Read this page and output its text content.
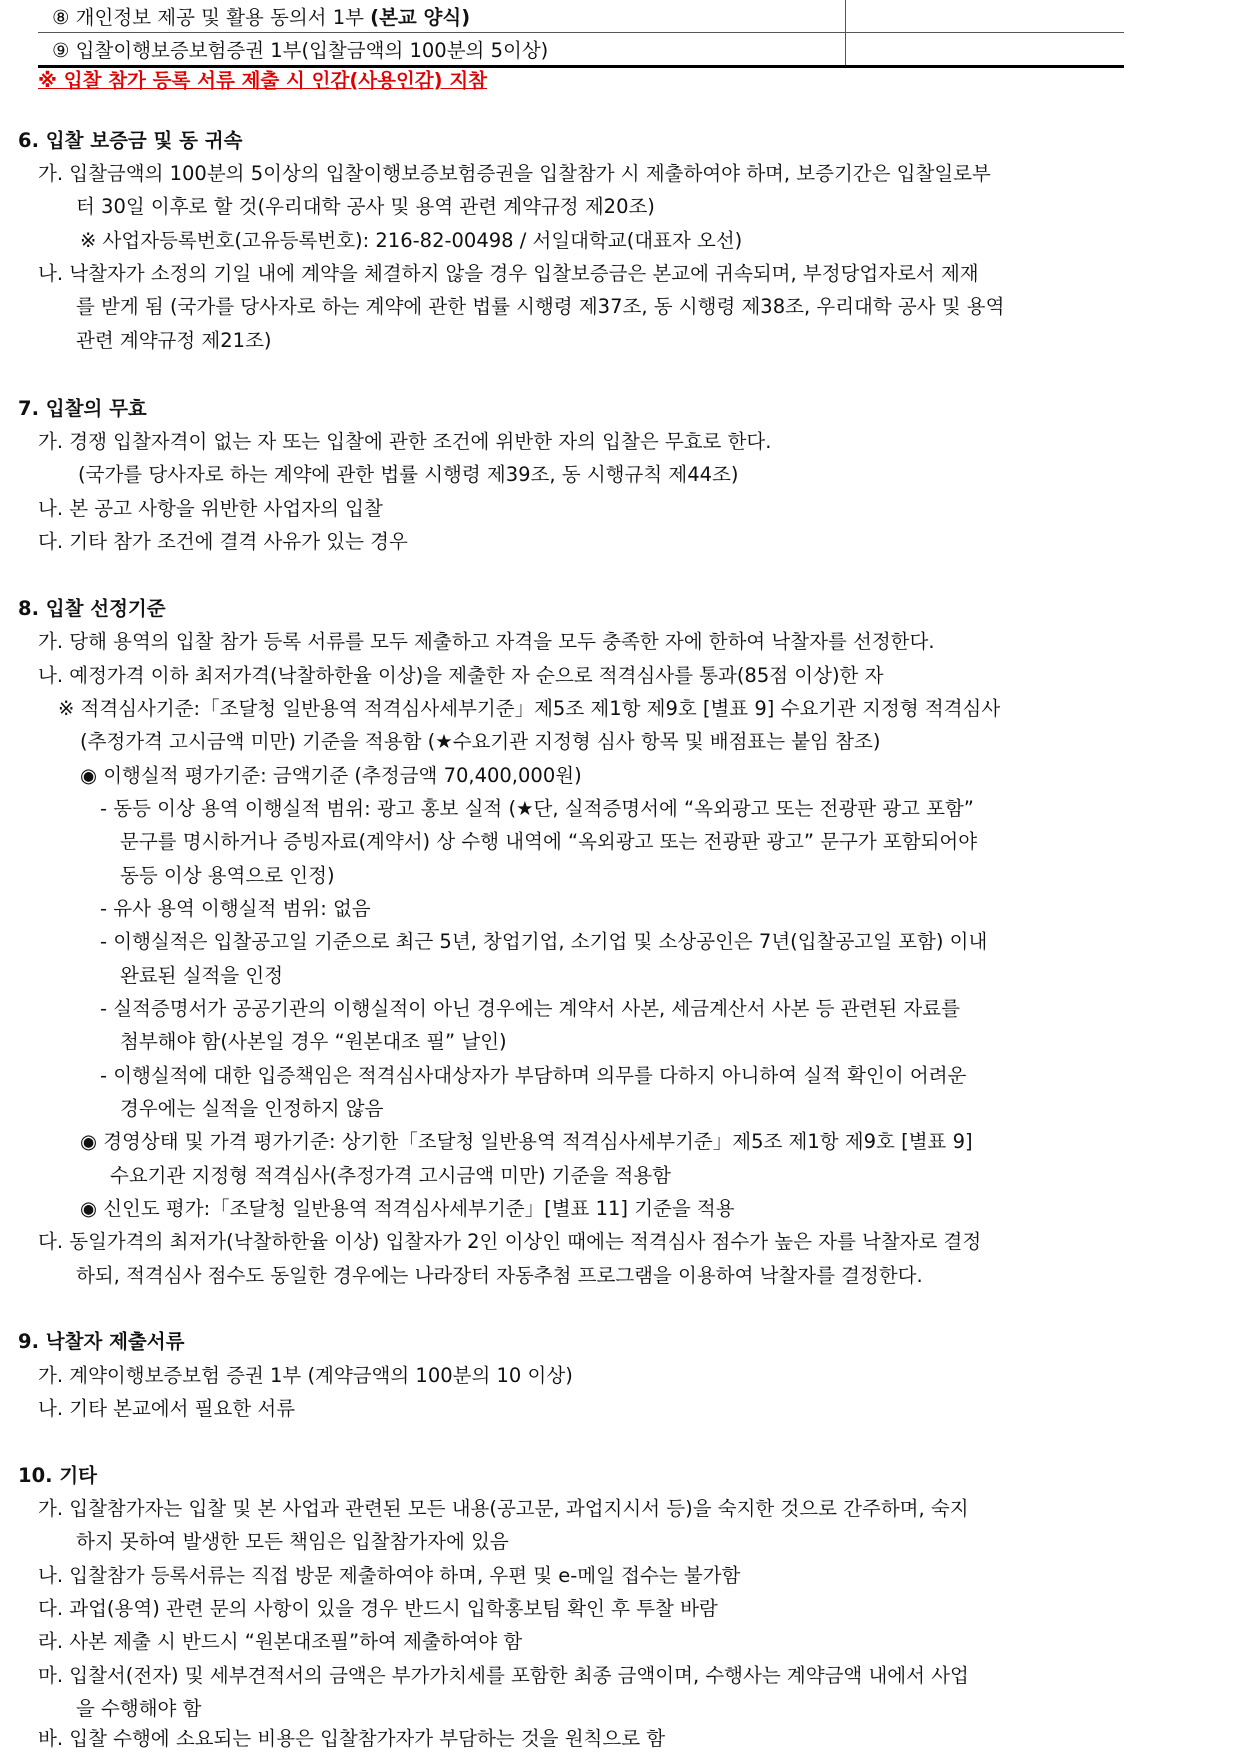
⑧ 개인정보 제공 및 활용 동의서 1부 (본교 양식)	
⑨ 입찰이행보증보험증권 1부(입찰금액의 100분의 5이상)	
※ 입찰 참가 등록 서류 제출 시 인감(사용인감) 지참
6. 입찰 보증금 및 동 귀속
가. 입찰금액의 100분의 5이상의 입찰이행보증보험증권을 입찰참가 시 제출하여야 하며, 보증기간은 입찰일로부
터 30일 이후로 할 것(우리대학 공사 및 용역 관련 계약규정 제20조)
※ 사업자등록번호(고유등록번호): 216-82-00498 / 서일대학교(대표자 오선)
나. 낙찰자가 소정의 기일 내에 계약을 체결하지 않을 경우 입찰보증금은 본교에 귀속되며, 부정당업자로서 제재
를 받게 됨 (국가를 당사자로 하는 계약에 관한 법률 시행령 제37조, 동 시행령 제38조, 우리대학 공사 및 용역
관련 계약규정 제21조)
7. 입찰의 무효
가. 경쟁 입찰자격이 없는 자 또는 입찰에 관한 조건에 위반한 자의 입찰은 무효로 한다.
(국가를 당사자로 하는 계약에 관한 법률 시행령 제39조, 동 시행규칙 제44조)
나. 본 공고 사항을 위반한 사업자의 입찰
다. 기타 참가 조건에 결격 사유가 있는 경우
8. 입찰 선정기준
가. 당해 용역의 입찰 참가 등록 서류를 모두 제출하고 자격을 모두 충족한 자에 한하여 낙찰자를 선정한다.
나. 예정가격 이하 최저가격(낙찰하한율 이상)을 제출한 자 순으로 적격심사를 통과(85점 이상)한 자
※ 적격심사기준:「조달청 일반용역 적격심사세부기준」제5조 제1항 제9호 [별표 9] 수요기관 지정형 적격심사
(추정가격 고시금액 미만) 기준을 적용함 (★수요기관 지정형 심사 항목 및 배점표는 붙임 참조)
◉ 이행실적 평가기준: 금액기준 (추정금액 70,400,000원)
- 동등 이상 용역 이행실적 범위: 광고 홍보 실적 (★단, 실적증명서에 “옥외광고 또는 전광판 광고 포함”
문구를 명시하거나 증빙자료(계약서) 상 수행 내역에 “옥외광고 또는 전광판 광고” 문구가 포함되어야
동등 이상 용역으로 인정)
- 유사 용역 이행실적 범위: 없음
- 이행실적은 입찰공고일 기준으로 최근 5년, 창업기업, 소기업 및 소상공인은 7년(입찰공고일 포함) 이내
완료된 실적을 인정
- 실적증명서가 공공기관의 이행실적이 아닌 경우에는 계약서 사본, 세금계산서 사본 등 관련된 자료를
첨부해야 함(사본일 경우 “원본대조 필” 날인)
- 이행실적에 대한 입증책임은 적격심사대상자가 부담하며 의무를 다하지 아니하여 실적 확인이 어려운
경우에는 실적을 인정하지 않음
◉ 경영상태 및 가격 평가기준: 상기한「조달청 일반용역 적격심사세부기준」제5조 제1항 제9호 [별표 9]
수요기관 지정형 적격심사(추정가격 고시금액 미만) 기준을 적용함
◉ 신인도 평가:「조달청 일반용역 적격심사세부기준」[별표 11] 기준을 적용
다. 동일가격의 최저가(낙찰하한율 이상) 입찰자가 2인 이상인 때에는 적격심사 점수가 높은 자를 낙찰자로 결정
하되, 적격심사 점수도 동일한 경우에는 나라장터 자동추첨 프로그램을 이용하여 낙찰자를 결정한다.
9. 낙찰자 제출서류
가. 계약이행보증보험 증권 1부 (계약금액의 100분의 10 이상)
나. 기타 본교에서 필요한 서류
10. 기타
가. 입찰참가자는 입찰 및 본 사업과 관련된 모든 내용(공고문, 과업지시서 등)을 숙지한 것으로 간주하며, 숙지
하지 못하여 발생한 모든 책임은 입찰참가자에 있음
나. 입찰참가 등록서류는 직접 방문 제출하여야 하며, 우편 및 e-메일 접수는 불가함
다. 과업(용역) 관련 문의 사항이 있을 경우 반드시 입학홍보팀 확인 후 투찰 바람
라. 사본 제출 시 반드시 “원본대조필”하여 제출하여야 함
마. 입찰서(전자) 및 세부견적서의 금액은 부가가치세를 포함한 최종 금액이며, 수행사는 계약금액 내에서 사업
을 수행해야 함
바. 입찰 수행에 소요되는 비용은 입찰참가자가 부담하는 것을 원칙으로 함
